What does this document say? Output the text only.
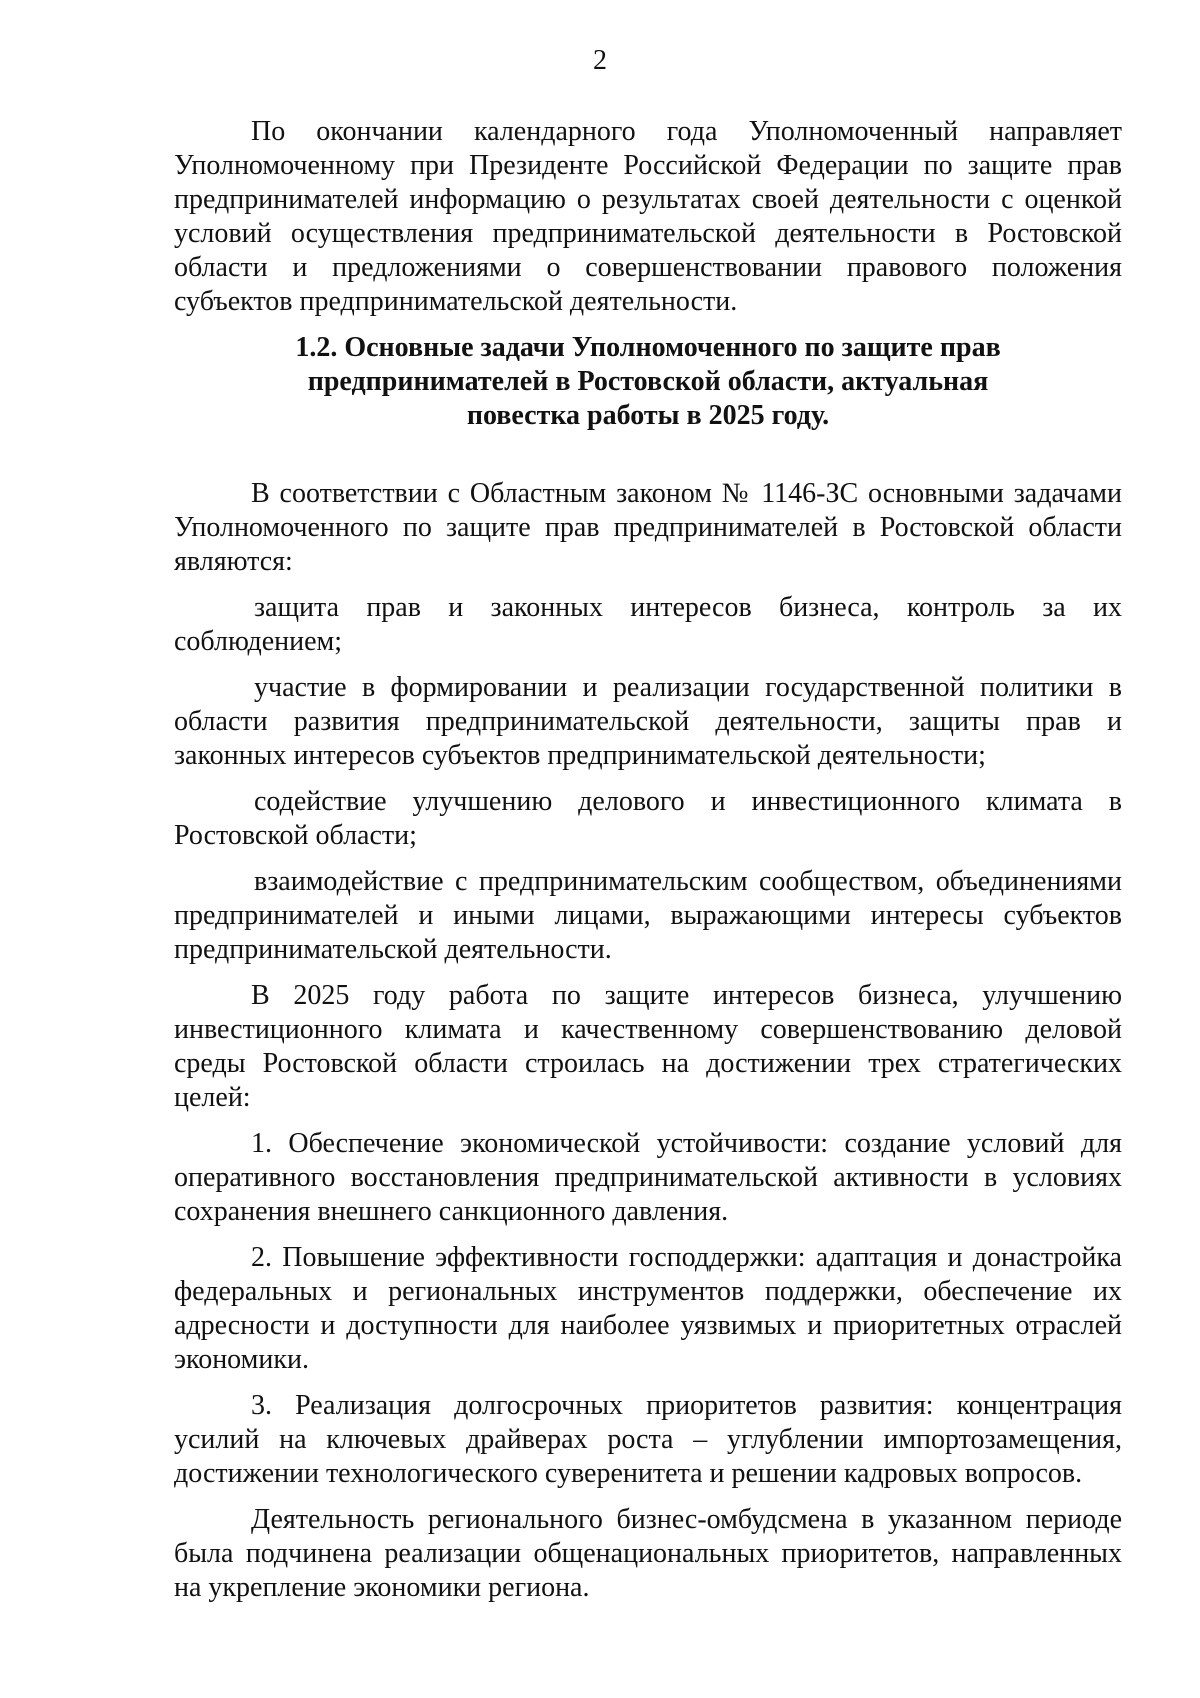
2

По окончании календарного года Уполномоченный направляет Уполномоченному при Президенте Российской Федерации по защите прав предпринимателей информацию о результатах своей деятельности с оценкой условий осуществления предпринимательской деятельности в Ростовской области и предложениями о совершенствовании правового положения субъектов предпринимательской деятельности.

1.2. Основные задачи Уполномоченного по защите прав
предпринимателей в Ростовской области, актуальная
повестка работы в 2025 году.

В соответствии с Областным законом № 1146-ЗС основными задачами Уполномоченного по защите прав предпринимателей в Ростовской области являются:

защита прав и законных интересов бизнеса, контроль за их соблюдением;

участие в формировании и реализации государственной политики в области развития предпринимательской деятельности, защиты прав и законных интересов субъектов предпринимательской деятельности;

содействие улучшению делового и инвестиционного климата в Ростовской области;

взаимодействие с предпринимательским сообществом, объединениями предпринимателей и иными лицами, выражающими интересы субъектов предпринимательской деятельности.

В 2025 году работа по защите интересов бизнеса, улучшению инвестиционного климата и качественному совершенствованию деловой среды Ростовской области строилась на достижении трех стратегических целей:

1. Обеспечение экономической устойчивости: создание условий для оперативного восстановления предпринимательской активности в условиях сохранения внешнего санкционного давления.

2. Повышение эффективности господдержки: адаптация и донастройка федеральных и региональных инструментов поддержки, обеспечение их адресности и доступности для наиболее уязвимых и приоритетных отраслей экономики.

3. Реализация долгосрочных приоритетов развития: концентрация усилий на ключевых драйверах роста – углублении импортозамещения, достижении технологического суверенитета и решении кадровых вопросов.

Деятельность регионального бизнес-омбудсмена в указанном периоде была подчинена реализации общенациональных приоритетов, направленных на укрепление экономики региона.
